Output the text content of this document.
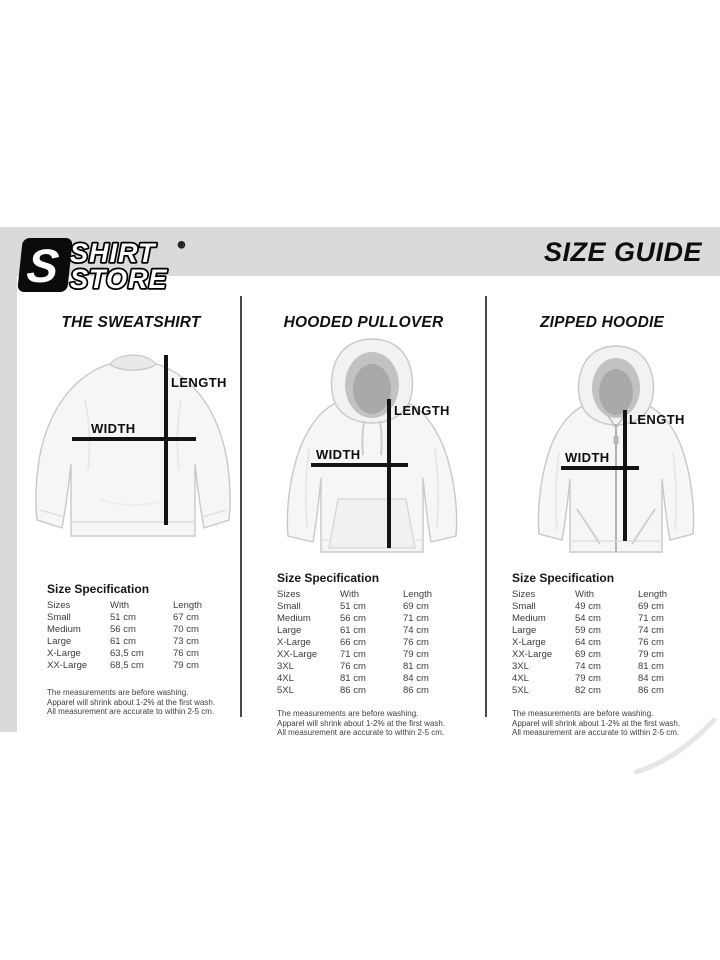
S SHIRT
STORE
®	SIZE GUIDE
THE SWEATSHIRT	HOODED PULLOVER	ZIPPED HOODIE
LENGTH
WIDTH
LENGTH
WIDTH
LENGTH
WIDTH
Size Specification
Sizes	With	Length
Small	51 cm	67 cm
Medium	56 cm	70 cm
Large	61 cm	73 cm
X-Large	63,5 cm	76 cm
XX-Large	68,5 cm	79 cm
The measurements are before washing.
Apparel will shrink about 1-2% at the first wash.
All measurement are accurate to within 2-5 cm.
Size Specification
Sizes	With	Length
Small	51 cm	69 cm
Medium	56 cm	71 cm
Large	61 cm	74 cm
X-Large	66 cm	76 cm
XX-Large	71 cm	79 cm
3XL	76 cm	81 cm
4XL	81 cm	84 cm
5XL	86 cm	86 cm
The measurements are before washing.
Apparel will shrink about 1-2% at the first wash.
All measurement are accurate to within 2-5 cm.
Size Specification
Sizes	With	Length
Small	49 cm	69 cm
Medium	54 cm	71 cm
Large	59 cm	74 cm
X-Large	64 cm	76 cm
XX-Large	69 cm	79 cm
3XL	74 cm	81 cm
4XL	79 cm	84 cm
5XL	82 cm	86 cm
The measurements are before washing.
Apparel will shrink about 1-2% at the first wash.
All measurement are accurate to within 2-5 cm.
